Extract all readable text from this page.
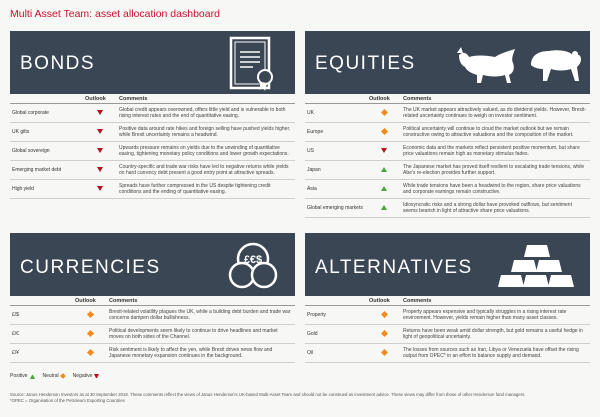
Multi Asset Team: asset allocation dashboard
BONDS
	Outlook	Comments
Global corporate		Global credit appears overowned, offers little yield and is vulnerable to both rising interest rates and the end of quantitative easing.
UK gilts		Positive data around rate hikes and foreign selling have pushed yields higher, while Brexit uncertainty remains a headwind.
Global sovereign		Upwards pressure remains on yields due to the unwinding of quantitative easing, tightening monetary policy conditions and lower growth expectations.
Emerging market debt		Country-specific and trade war risks have led to negative returns while yields on hard currency debt present a good entry point at attractive spreads.
High yield		Spreads have further compressed in the US despite tightening credit conditions and the ending of quantitative easing.
EQUITIES
	Outlook	Comments
UK		The UK market appears attractively valued, as do dividend yields. However, Brexit-related uncertainty continues to weigh on investor sentiment.
Europe		Political uncertainty will continue to cloud the market outlook but we remain constructive owing to attractive valuations and the composition of the market.
US		Economic data and the markets reflect persistent positive momentum, but share price valuations remain high as monetary stimulus fades.
Japan		The Japanese market has proved itself resilient to escalating trade tensions, while Abe's re-election provides further support.
Asia		While trade tensions have been a headwind to the region, share price valuations and corporate earnings remain constructive.
Global emerging markets		Idiosyncratic risks and a strong dollar have provoked outflows, but sentiment seems bearish in light of attractive share price valuations.
CURRENCIES	£€$
	Outlook	Comments
£/$		Brexit-related volatility plagues the UK, while a building debt burden and trade war concerns dampen dollar bullishness.
£/€		Political developments seem likely to continue to drive headlines and market moves on both sides of the Channel.
£/¥		Risk sentiment is likely to affect the yen, while Brexit drives news flow and Japanese monetary expansion continues in the background.
ALTERNATIVES
	Outlook	Comments
Property		Property appears expensive and typically struggles in a rising interest rate environment. However, yields remain higher than many asset classes.
Gold		Returns have been weak amid dollar strength, but gold remains a useful hedge in light of geopolitical uncertainty.
Oil		The losses from sources such as Iran, Libya or Venezuela have offset the rising output from OPEC* in an effort to balance supply and demand.
Positive	Neutral	Negative
Source: Janus Henderson Investors as at 30 September 2018. These comments reflect the views of Janus Henderson's UK-based Multi-Asset Team and should not be construed as investment advice. These views may differ from those of other Henderson fund managers.
*OPEC = Organisation of the Petroleum Exporting Countries
